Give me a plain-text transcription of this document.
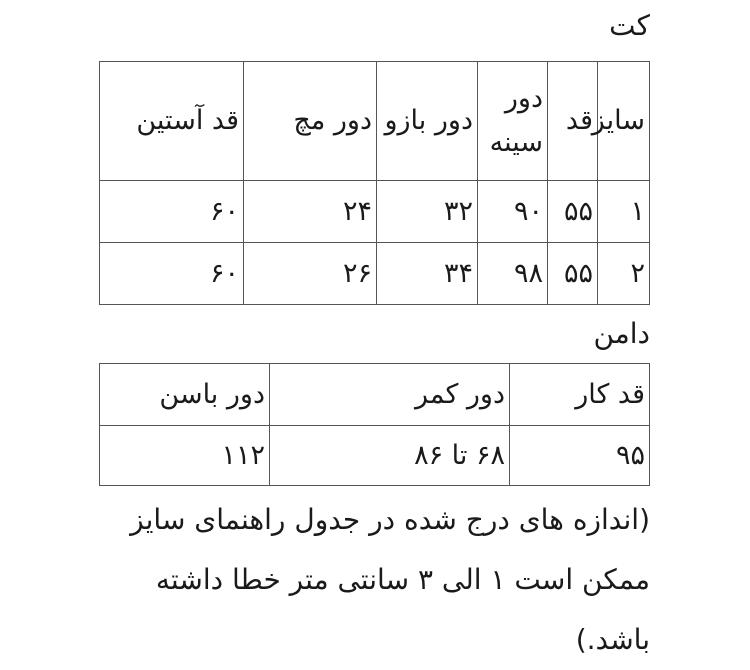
کت
سایز	قد	دور سینه	دور بازو	دور مچ	قد آستین
۱	۵۵	۹۰	۳۲	۲۴	۶۰
۲	۵۵	۹۸	۳۴	۲۶	۶۰
دامن
قد کار	دور کمر	دور باسن
۹۵	۶۸ تا ۸۶	۱۱۲
(اندازه های درج شده در جدول راهنمای سایز ممکن است ۱ الی ۳ سانتی متر خطا داشته باشد.)
